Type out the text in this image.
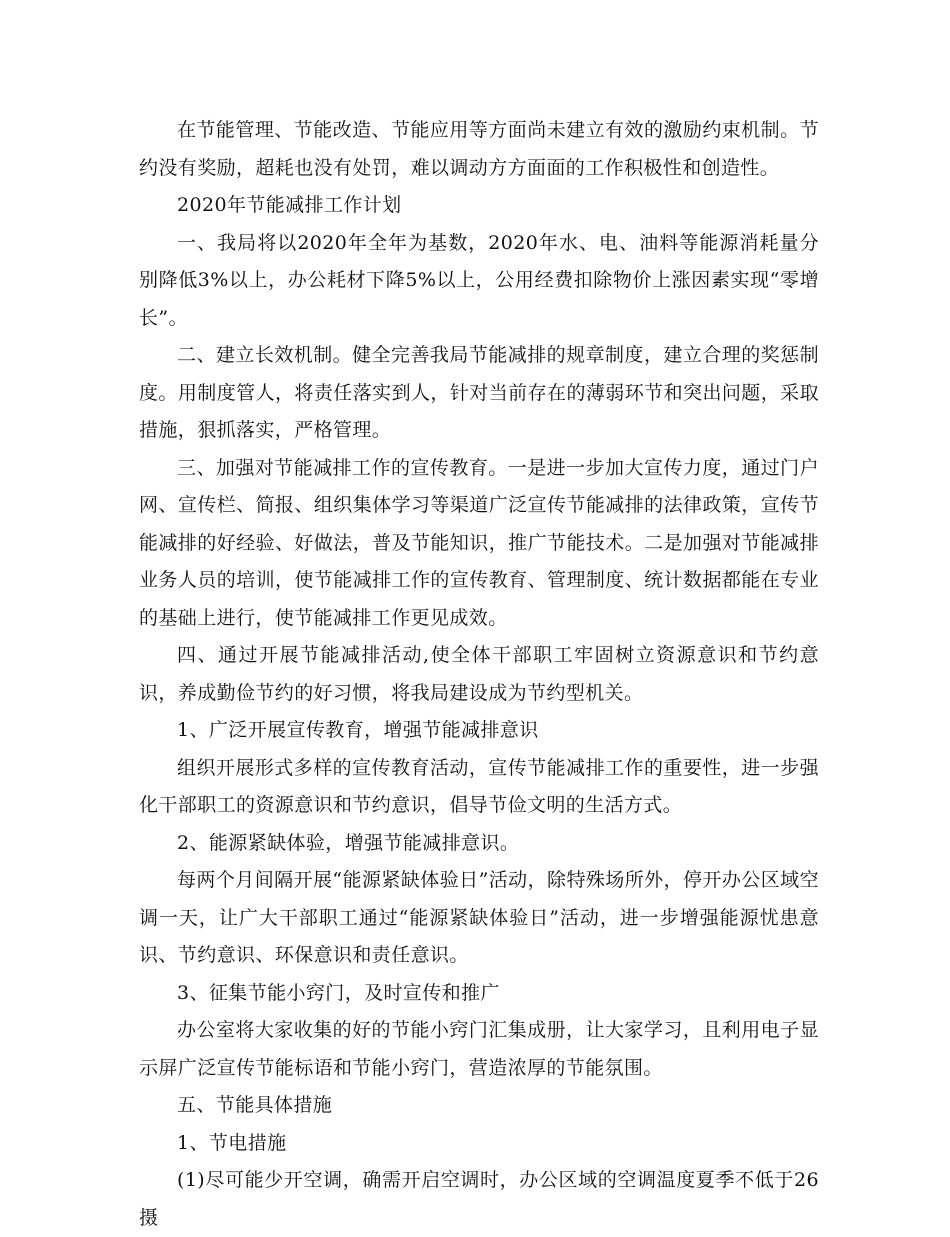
在节能管理、节能改造、节能应用等方面尚未建立有效的激励约束机制。节约没有奖励，超耗也没有处罚，难以调动方方面面的工作积极性和创造性。

2020年节能减排工作计划

一、我局将以2020年全年为基数，2020年水、电、油料等能源消耗量分别降低3%以上，办公耗材下降5%以上，公用经费扣除物价上涨因素实现“零增长”。

二、建立长效机制。健全完善我局节能减排的规章制度，建立合理的奖惩制度。用制度管人，将责任落实到人，针对当前存在的薄弱环节和突出问题，采取措施，狠抓落实，严格管理。

三、加强对节能减排工作的宣传教育。一是进一步加大宣传力度，通过门户网、宣传栏、简报、组织集体学习等渠道广泛宣传节能减排的法律政策，宣传节能减排的好经验、好做法，普及节能知识，推广节能技术。二是加强对节能减排业务人员的培训，使节能减排工作的宣传教育、管理制度、统计数据都能在专业的基础上进行，使节能减排工作更见成效。

四、通过开展节能减排活动,使全体干部职工牢固树立资源意识和节约意识，养成勤俭节约的好习惯，将我局建设成为节约型机关。

1、广泛开展宣传教育，增强节能减排意识

组织开展形式多样的宣传教育活动，宣传节能减排工作的重要性，进一步强化干部职工的资源意识和节约意识，倡导节俭文明的生活方式。

2、能源紧缺体验，增强节能减排意识。

每两个月间隔开展“能源紧缺体验日”活动，除特殊场所外，停开办公区域空调一天，让广大干部职工通过“能源紧缺体验日”活动，进一步增强能源忧患意识、节约意识、环保意识和责任意识。

3、征集节能小窍门，及时宣传和推广

办公室将大家收集的好的节能小窍门汇集成册，让大家学习，且利用电子显示屏广泛宣传节能标语和节能小窍门，营造浓厚的节能氛围。

五、节能具体措施

1、节电措施

(1)尽可能少开空调，确需开启空调时，办公区域的空调温度夏季不低于26摄
